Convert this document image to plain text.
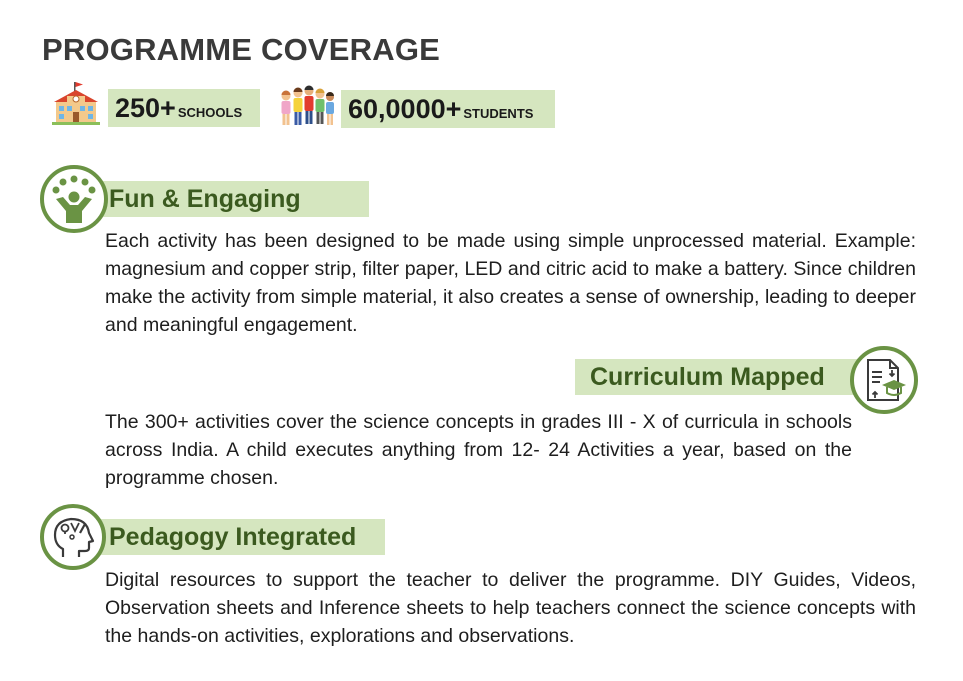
PROGRAMME COVERAGE
250+ SCHOOLS	60,0000+ STUDENTS
Fun & Engaging

Each activity has been designed to be made using simple unprocessed material. Example: magnesium and copper strip, filter paper, LED and citric acid to make a battery. Since children make the activity from simple material, it also creates a sense of ownership, leading to deeper and meaningful engagement.

Curriculum Mapped

The 300+ activities cover the science concepts in grades III - X of curricula in schools across India. A child executes anything from 12- 24 Activities a year, based on the programme chosen.

Pedagogy Integrated

Digital resources to support the teacher to deliver the programme. DIY Guides, Videos, Observation sheets and Inference sheets to help teachers connect the science concepts with the hands-on activities, explorations and observations.
